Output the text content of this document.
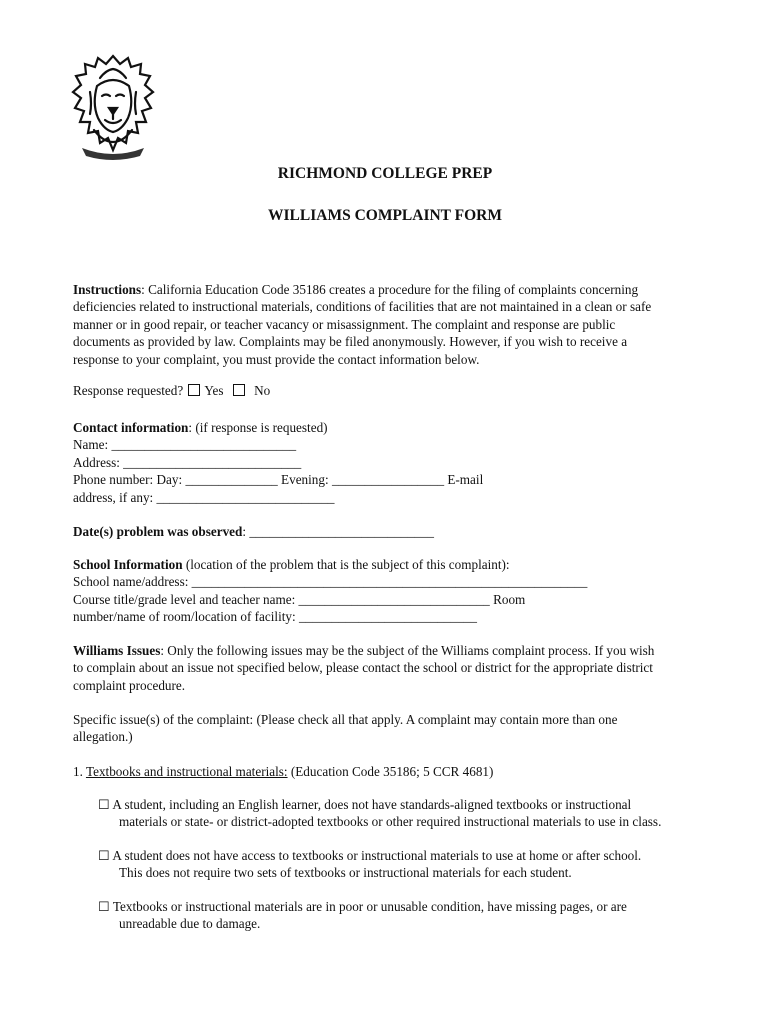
RICHMOND COLLEGE PREP
WILLIAMS COMPLAINT FORM
Instructions: California Education Code 35186 creates a procedure for the filing of complaints concerning
deficiencies related to instructional materials, conditions of facilities that are not maintained in a clean or safe
manner or in good repair, or teacher vacancy or misassignment. The complaint and response are public
documents as provided by law. Complaints may be filed anonymously. However, if you wish to receive a
response to your complaint, you must provide the contact information below.
Response requested? Yes No
Contact information: (if response is requested)
Name: ____________________________
Address: ___________________________
Phone number: Day: ______________ Evening: _________________ E-mail
address, if any: ___________________________
Date(s) problem was observed: ____________________________
School Information (location of the problem that is the subject of this complaint):
School name/address: ____________________________________________________________
Course title/grade level and teacher name: _____________________________ Room
number/name of room/location of facility: ___________________________
Williams Issues: Only the following issues may be the subject of the Williams complaint process. If you wish
to complain about an issue not specified below, please contact the school or district for the appropriate district
complaint procedure.
Specific issue(s) of the complaint: (Please check all that apply. A complaint may contain more than one
allegation.)
1. Textbooks and instructional materials: (Education Code 35186; 5 CCR 4681)
☐ A student, including an English learner, does not have standards-aligned textbooks or instructional
materials or state- or district-adopted textbooks or other required instructional materials to use in class.
☐ A student does not have access to textbooks or instructional materials to use at home or after school.
This does not require two sets of textbooks or instructional materials for each student.
☐ Textbooks or instructional materials are in poor or unusable condition, have missing pages, or are
unreadable due to damage.
